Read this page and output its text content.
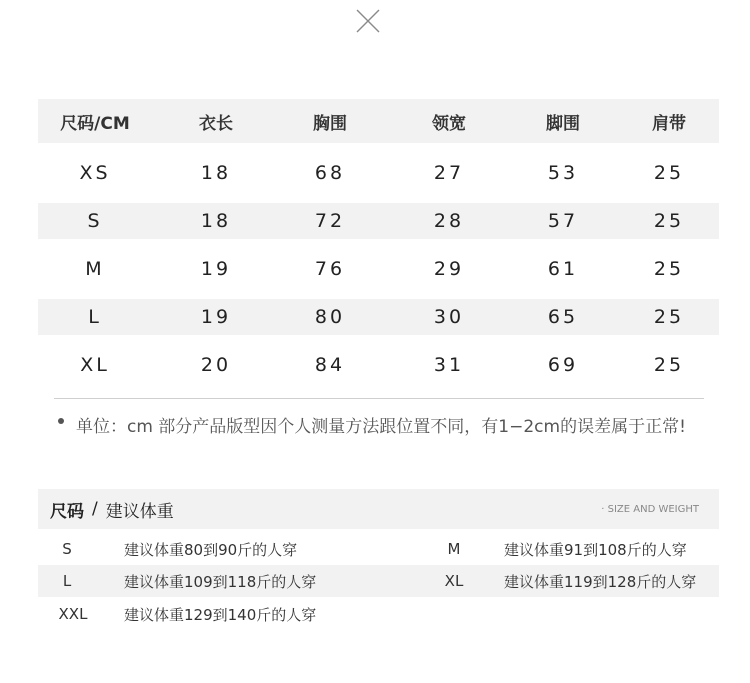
尺码/CM	衣长	胸围	领宽	脚围	肩带
XS	18	68	27	53	25
S	18	72	28	57	25
M	19	76	29	61	25
L	19	80	30	65	25
XL	20	84	31	69	25
单位：cm 部分产品版型因个人测量方法跟位置不同，有1−2cm的误差属于正常!
尺码 / 建议体重	· SIZE AND WEIGHT
S	建议体重80到90斤的人穿	M	建议体重91到108斤的人穿
L	建议体重109到118斤的人穿	XL	建议体重119到128斤的人穿
XXL	建议体重129到140斤的人穿
